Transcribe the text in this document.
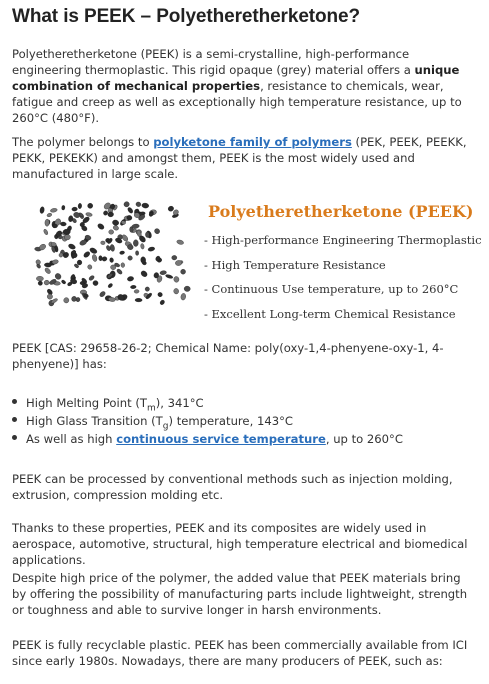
What is PEEK – Polyetheretherketone?

Polyetheretherketone (PEEK) is a semi-crystalline, high-performance engineering thermoplastic. This rigid opaque (grey) material offers a unique combination of mechanical properties, resistance to chemicals, wear, fatigue and creep as well as exceptionally high temperature resistance, up to 260°C (480°F).

The polymer belongs to polyketone family of polymers (PEK, PEEK, PEEKK, PEKK, PEKEKK) and amongst them, PEEK is the most widely used and manufactured in large scale.

Polyetheretherketone (PEEK)
- High-performance Engineering Thermoplastic
- High Temperature Resistance
- Continuous Use temperature, up to 260°C
- Excellent Long-term Chemical Resistance

PEEK [CAS: 29658-26-2; Chemical Name: poly(oxy-1,4-phenyene-oxy-1, 4-phenyene)] has:

High Melting Point $(T_m)$, 341°C
High Glass Transition $(T_g)$ temperature, 143°C
As well as high continuous service temperature, up to 260°C

PEEK can be processed by conventional methods such as injection molding, extrusion, compression molding etc.

Thanks to these properties, PEEK and its composites are widely used in aerospace, automotive, structural, high temperature electrical and biomedical applications.

Despite high price of the polymer, the added value that PEEK materials bring by offering the possibility of manufacturing parts include lightweight, strength or toughness and able to survive longer in harsh environments.

PEEK is fully recyclable plastic. PEEK has been commercially available from ICI since early 1980s. Nowadays, there are many producers of PEEK, such as:
